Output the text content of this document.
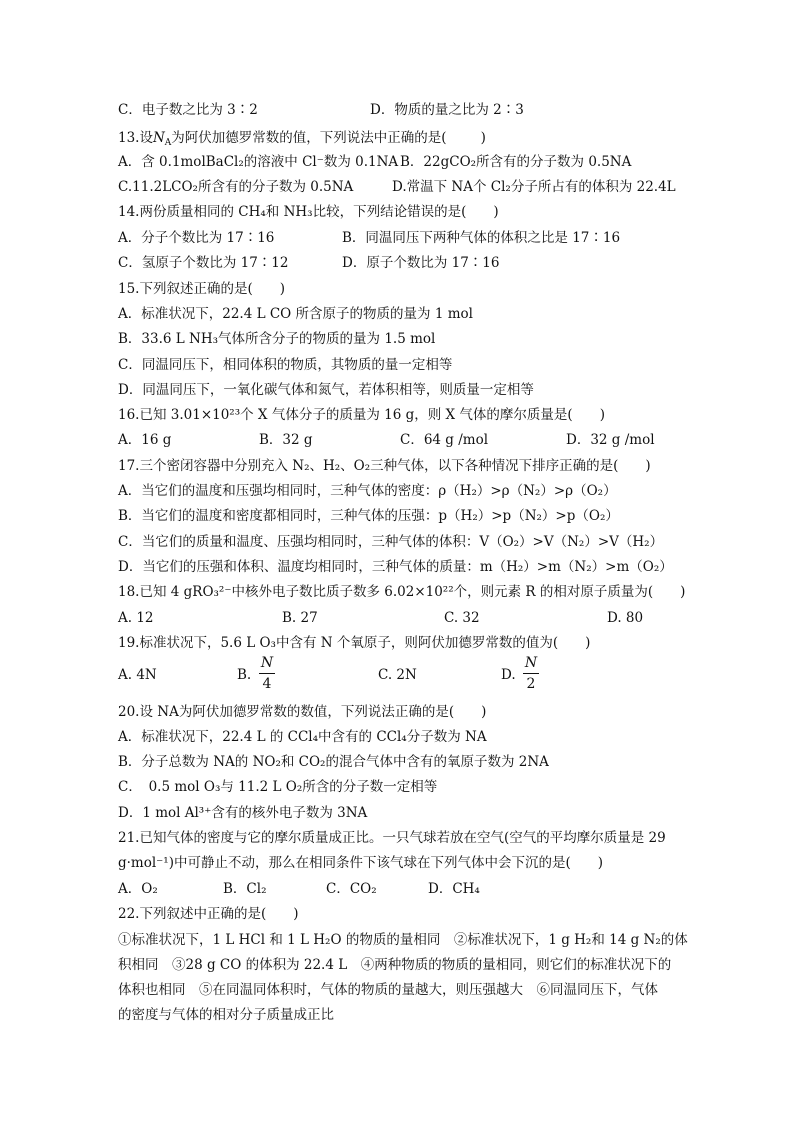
C．电子数之比为 3∶2	D．物质的量之比为 2∶3
13.设$N_A$为阿伏加德罗常数的值，下列说法中正确的是(	)
A．含 0.1molBaCl₂的溶液中 Cl⁻数为 0.1NA B．22gCO₂所含有的分子数为 0.5NA
C.11.2LCO₂所含有的分子数为 0.5NA	D.常温下 NA个 Cl₂分子所占有的体积为 22.4L
14.两份质量相同的 CH₄和 NH₃比较，下列结论错误的是(　　)
A．分子个数比为 17∶16	B．同温同压下两种气体的体积之比是 17∶16
C．氢原子个数比为 17∶12	D．原子个数比为 17∶16
15.下列叙述正确的是(　　)
A．标准状况下，22.4 L CO 所含原子的物质的量为 1 mol
B．33.6 L NH₃气体所含分子的物质的量为 1.5 mol
C．同温同压下，相同体积的物质，其物质的量一定相等
D．同温同压下，一氧化碳气体和氮气，若体积相等，则质量一定相等
16.已知 3.01×10²³个 X 气体分子的质量为 16 g，则 X 气体的摩尔质量是(　　)
A．16 g	B．32 g	C．64 g /mol	D．32 g /mol
17.三个密闭容器中分别充入 N₂、H₂、O₂三种气体，以下各种情况下排序正确的是(　　)
A．当它们的温度和压强均相同时，三种气体的密度：ρ（H₂）>ρ（N₂）>ρ（O₂）
B．当它们的温度和密度都相同时，三种气体的压强：p（H₂）>p（N₂）>p（O₂）
C．当它们的质量和温度、压强均相同时，三种气体的体积：V（O₂）>V（N₂）>V（H₂）
D．当它们的压强和体积、温度均相同时，三种气体的质量：m（H₂）>m（N₂）>m（O₂）
18.已知 4 gRO₃²⁻中核外电子数比质子数多 6.02×10²²个，则元素 R 的相对原子质量为(　　)
A. 12	B. 27	C. 32	D. 80
19.标准状况下，5.6 L O₃中含有 N 个氧原子，则阿伏加德罗常数的值为(　　)
A. 4N	B.
N
4
C. 2N	D.
N
2
20.设 NA为阿伏加德罗常数的数值，下列说法正确的是(　　)
A．标准状况下，22.4 L 的 CCl₄中含有的 CCl₄分子数为 NA
B．分子总数为 NA的 NO₂和 CO₂的混合气体中含有的氧原子数为 2NA
C．　0.5 mol O₃与 11.2 L O₂所含的分子数一定相等
D．1 mol Al³⁺含有的核外电子数为 3NA
21.已知气体的密度与它的摩尔质量成正比。一只气球若放在空气(空气的平均摩尔质量是 29
g·mol⁻¹)中可静止不动，那么在相同条件下该气球在下列气体中会下沉的是(　　)
A．O₂	B．Cl₂	C．CO₂	D．CH₄
22.下列叙述中正确的是(　　)
①标准状况下，1 L HCl 和 1 L H₂O 的物质的量相同　②标准状况下，1 g H₂和 14 g N₂的体
积相同　③28 g CO 的体积为 22.4 L　④两种物质的物质的量相同，则它们的标准状况下的
体积也相同　⑤在同温同体积时，气体的物质的量越大，则压强越大　⑥同温同压下，气体
的密度与气体的相对分子质量成正比
